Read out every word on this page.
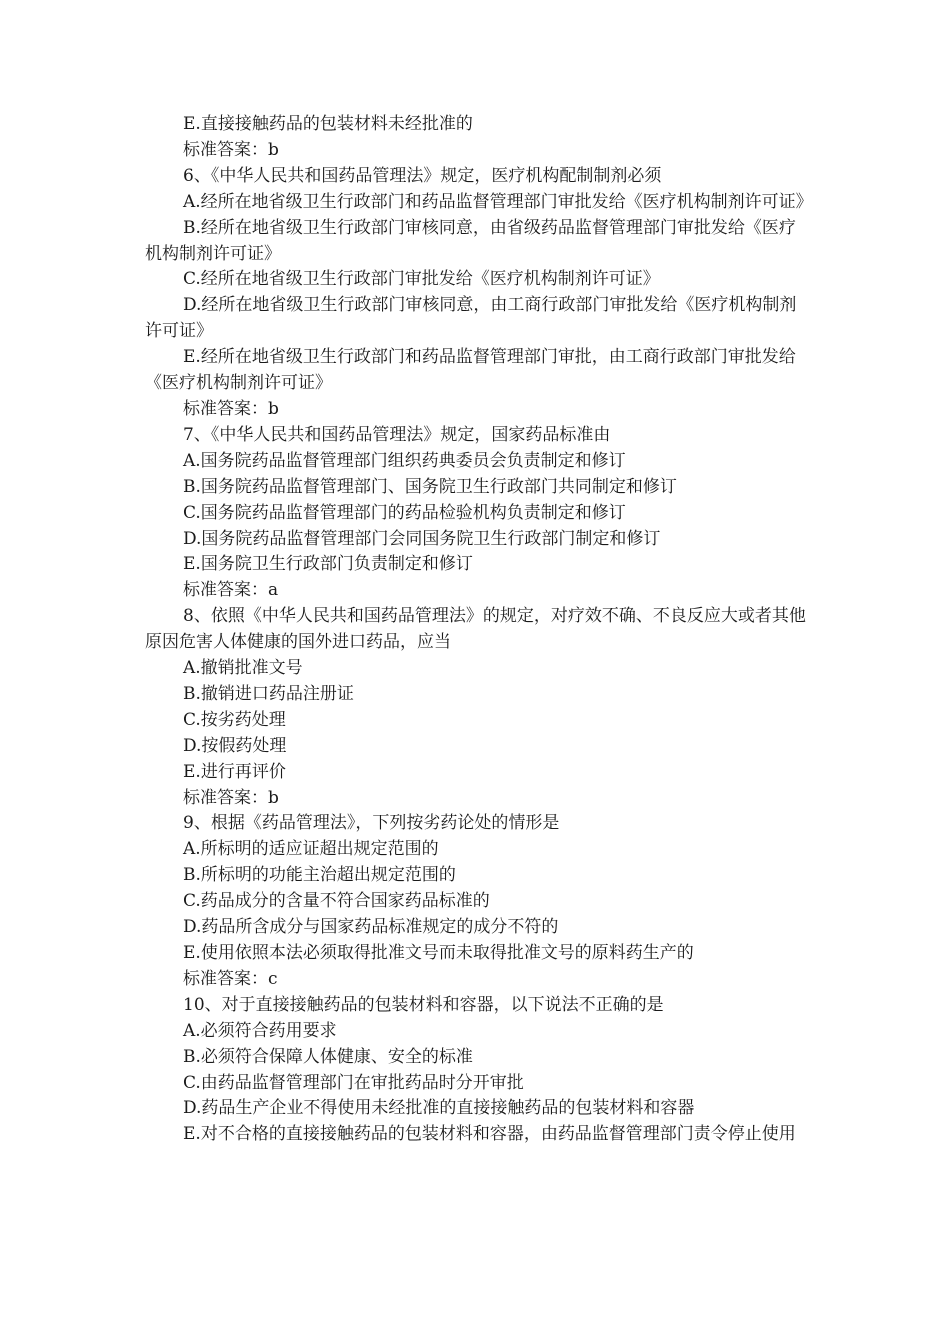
E.直接接触药品的包装材料未经批准的

标准答案：b

6、《中华人民共和国药品管理法》规定，医疗机构配制制剂必须

A.经所在地省级卫生行政部门和药品监督管理部门审批发给《医疗机构制剂许可证》

B.经所在地省级卫生行政部门审核同意，由省级药品监督管理部门审批发给《医疗机构制剂许可证》

C.经所在地省级卫生行政部门审批发给《医疗机构制剂许可证》

D.经所在地省级卫生行政部门审核同意，由工商行政部门审批发给《医疗机构制剂许可证》

E.经所在地省级卫生行政部门和药品监督管理部门审批，由工商行政部门审批发给《医疗机构制剂许可证》

标准答案：b

7、《中华人民共和国药品管理法》规定，国家药品标准由

A.国务院药品监督管理部门组织药典委员会负责制定和修订

B.国务院药品监督管理部门、国务院卫生行政部门共同制定和修订

C.国务院药品监督管理部门的药品检验机构负责制定和修订

D.国务院药品监督管理部门会同国务院卫生行政部门制定和修订

E.国务院卫生行政部门负责制定和修订

标准答案：a

8、依照《中华人民共和国药品管理法》的规定，对疗效不确、不良反应大或者其他原因危害人体健康的国外进口药品，应当

A.撤销批准文号

B.撤销进口药品注册证

C.按劣药处理

D.按假药处理

E.进行再评价

标准答案：b

9、根据《药品管理法》，下列按劣药论处的情形是

A.所标明的适应证超出规定范围的

B.所标明的功能主治超出规定范围的

C.药品成分的含量不符合国家药品标准的

D.药品所含成分与国家药品标准规定的成分不符的

E.使用依照本法必须取得批准文号而未取得批准文号的原料药生产的

标准答案：c

10、对于直接接触药品的包装材料和容器，以下说法不正确的是

A.必须符合药用要求

B.必须符合保障人体健康、安全的标准

C.由药品监督管理部门在审批药品时分开审批

D.药品生产企业不得使用未经批准的直接接触药品的包装材料和容器

E.对不合格的直接接触药品的包装材料和容器，由药品监督管理部门责令停止使用
